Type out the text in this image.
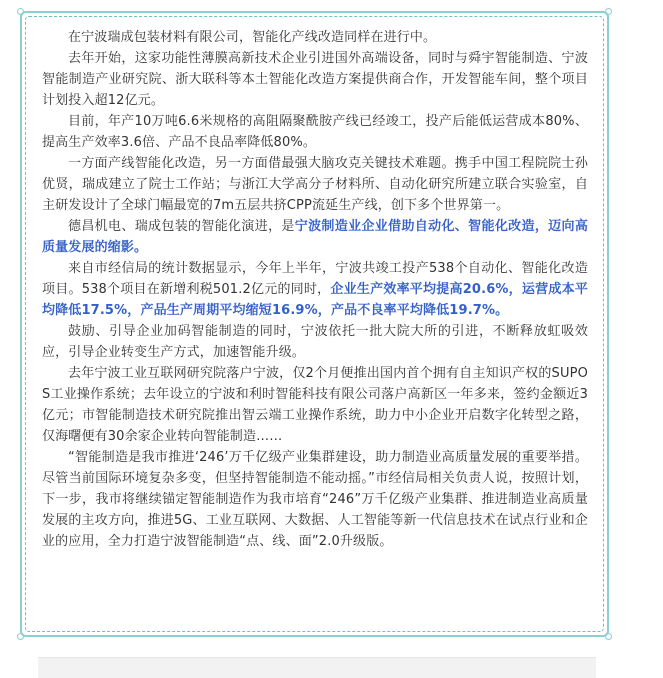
在宁波瑞成包装材料有限公司，智能化产线改造同样在进行中。

去年开始，这家功能性薄膜高新技术企业引进国外高端设备，同时与舜宇智能制造、宁波智能制造产业研究院、浙大联科等本土智能化改造方案提供商合作，开发智能车间，整个项目计划投入超12亿元。

目前，年产10万吨6.6米规格的高阻隔聚酰胺产线已经竣工，投产后能低运营成本80%、提高生产效率3.6倍、产品不良品率降低80%。

一方面产线智能化改造，另一方面借最强大脑攻克关键技术难题。携手中国工程院院士孙优贤，瑞成建立了院士工作站；与浙江大学高分子材料所、自动化研究所建立联合实验室，自主研发设计了全球门幅最宽的7m五层共挤CPP流延生产线，创下多个世界第一。

德昌机电、瑞成包装的智能化演进，是宁波制造业企业借助自动化、智能化改造，迈向高质量发展的缩影。

来自市经信局的统计数据显示，今年上半年，宁波共竣工投产538个自动化、智能化改造项目。538个项目在新增利税501.2亿元的同时，企业生产效率平均提高20.6%，运营成本平均降低17.5%，产品生产周期平均缩短16.9%，产品不良率平均降低19.7%。

鼓励、引导企业加码智能制造的同时，宁波依托一批大院大所的引进，不断释放虹吸效应，引导企业转变生产方式，加速智能升级。

去年宁波工业互联网研究院落户宁波，仅2个月便推出国内首个拥有自主知识产权的SUPOS工业操作系统；去年设立的宁波和利时智能科技有限公司落户高新区一年多来，签约金额近3亿元；市智能制造技术研究院推出智云端工业操作系统，助力中小企业开启数字化转型之路，仅海曙便有30余家企业转向智能制造……

“智能制造是我市推进‘246’万千亿级产业集群建设，助力制造业高质量发展的重要举措。尽管当前国际环境复杂多变，但坚持智能制造不能动摇。”市经信局相关负责人说，按照计划，下一步，我市将继续锚定智能制造作为我市培育“246”万千亿级产业集群、推进制造业高质量发展的主攻方向，推进5G、工业互联网、大数据、人工智能等新一代信息技术在试点行业和企业的应用，全力打造宁波智能制造“点、线、面”2.0升级版。
